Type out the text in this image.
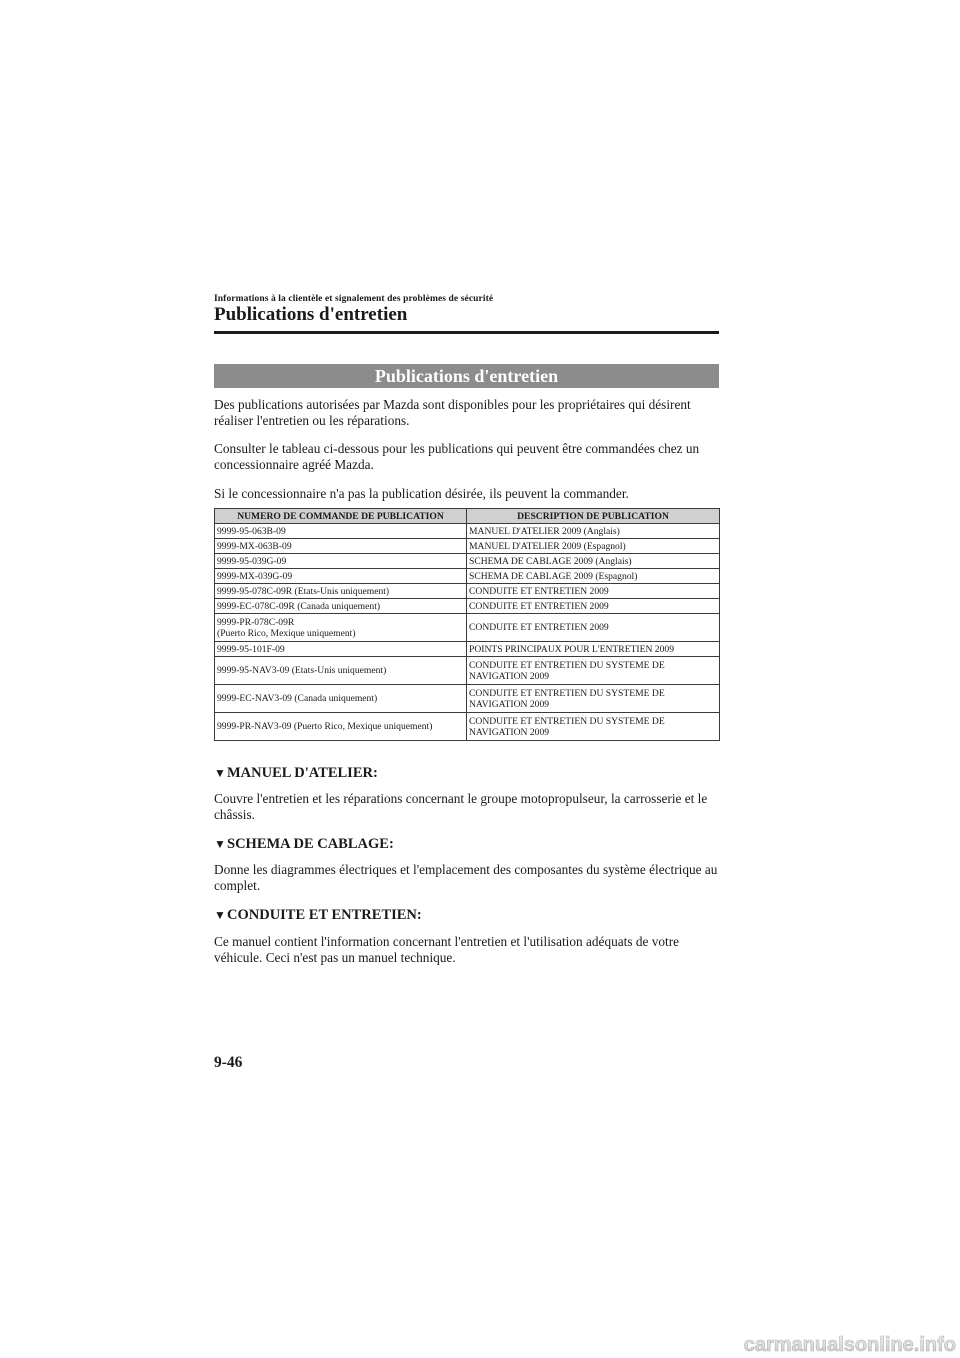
Informations à la clientèle et signalement des problèmes de sécurité
Publications d'entretien
Publications d'entretien

Des publications autorisées par Mazda sont disponibles pour les propriétaires qui désirent réaliser l'entretien ou les réparations.

Consulter le tableau ci-dessous pour les publications qui peuvent être commandées chez un concessionnaire agréé Mazda.

Si le concessionnaire n'a pas la publication désirée, ils peuvent la commander.

NUMERO DE COMMANDE DE PUBLICATION	DESCRIPTION DE PUBLICATION
9999-95-063B-09	MANUEL D'ATELIER 2009 (Anglais)
9999-MX-063B-09	MANUEL D'ATELIER 2009 (Espagnol)
9999-95-039G-09	SCHEMA DE CABLAGE 2009 (Anglais)
9999-MX-039G-09	SCHEMA DE CABLAGE 2009 (Espagnol)
9999-95-078C-09R (Etats-Unis uniquement)	CONDUITE ET ENTRETIEN 2009
9999-EC-078C-09R (Canada uniquement)	CONDUITE ET ENTRETIEN 2009
9999-PR-078C-09R
(Puerto Rico, Mexique uniquement)	CONDUITE ET ENTRETIEN 2009
9999-95-101F-09	POINTS PRINCIPAUX POUR L'ENTRETIEN 2009
9999-95-NAV3-09 (Etats-Unis uniquement)	CONDUITE ET ENTRETIEN DU SYSTEME DE
NAVIGATION 2009
9999-EC-NAV3-09 (Canada uniquement)	CONDUITE ET ENTRETIEN DU SYSTEME DE
NAVIGATION 2009
9999-PR-NAV3-09 (Puerto Rico, Mexique uniquement)	CONDUITE ET ENTRETIEN DU SYSTEME DE
NAVIGATION 2009
▼MANUEL D'ATELIER:

Couvre l'entretien et les réparations concernant le groupe motopropulseur, la carrosserie et le châssis.

▼SCHEMA DE CABLAGE:

Donne les diagrammes électriques et l'emplacement des composantes du système électrique au complet.

▼CONDUITE ET ENTRETIEN:

Ce manuel contient l'information concernant l'entretien et l'utilisation adéquats de votre véhicule. Ceci n'est pas un manuel technique.

9-46
carmanualsonline.info
